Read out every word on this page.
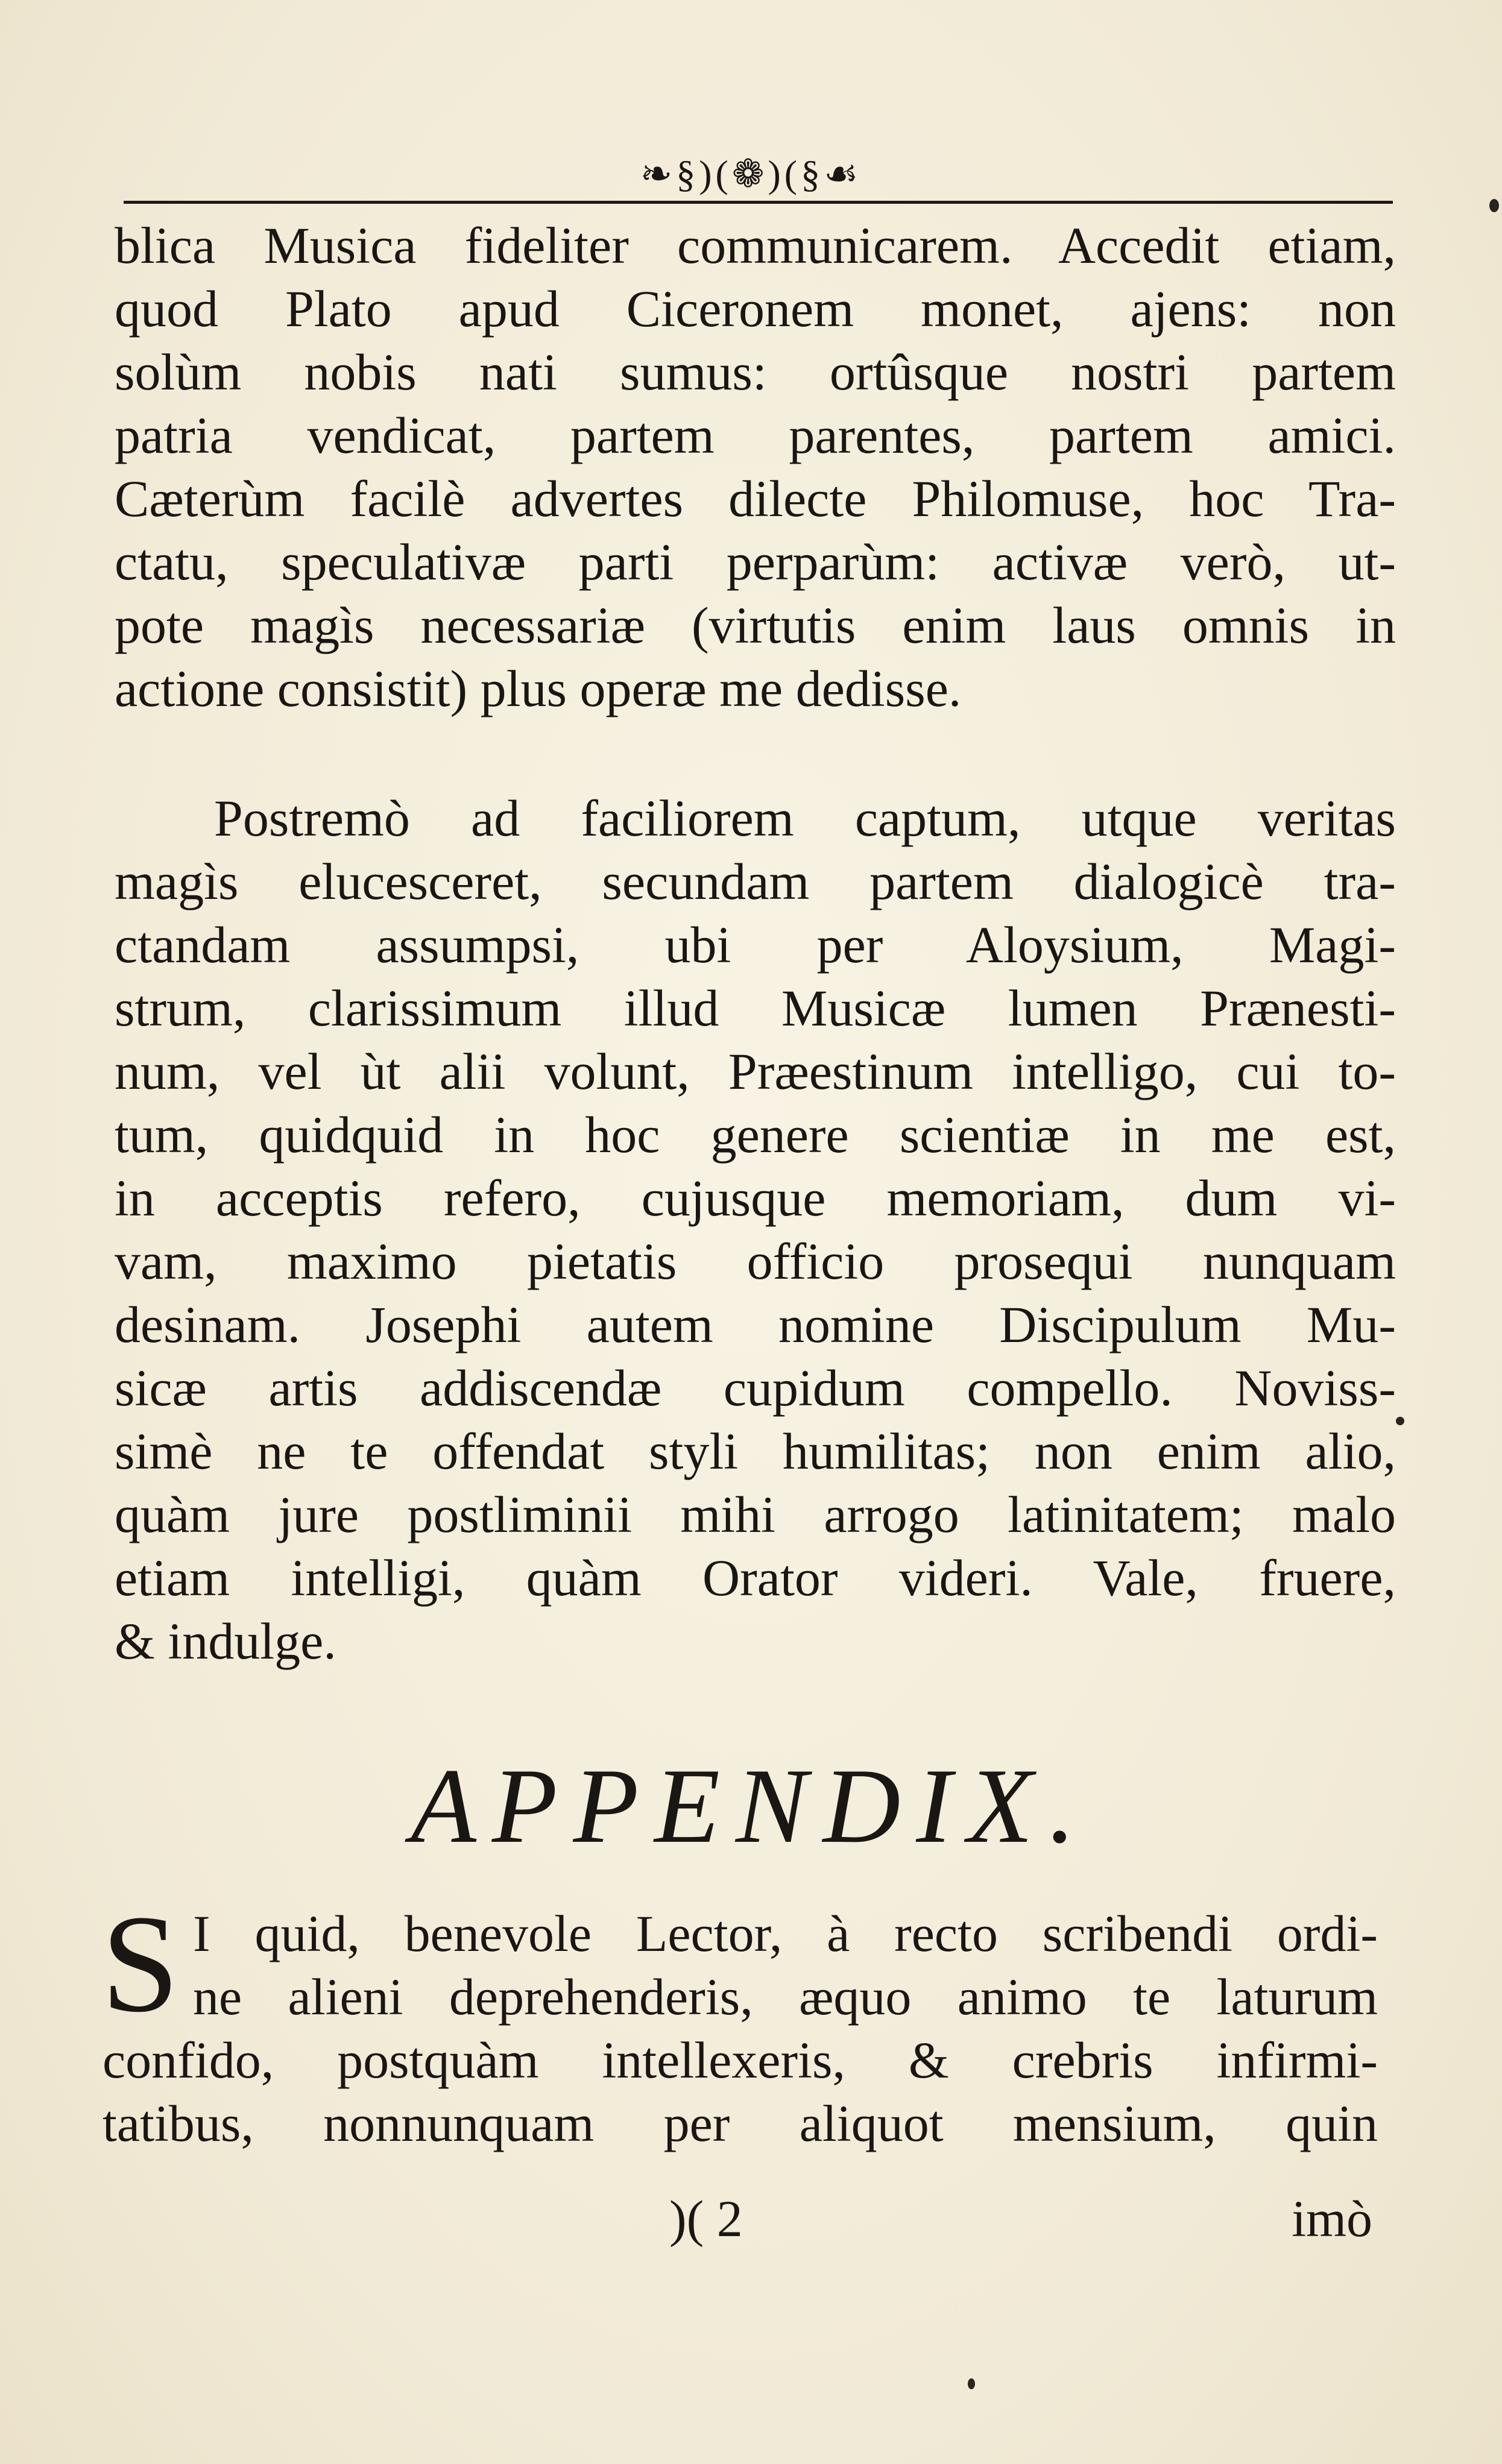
❧§)(❁)(§☙
blica Musica fideliter communicarem. Accedit etiam,
quod Plato apud Ciceronem monet, ajens: non
solùm nobis nati sumus: ortûsque nostri partem
patria vendicat, partem parentes, partem amici.
Cæterùm facilè advertes dilecte Philomuse, hoc Tra-
ctatu, speculativæ parti perparùm: activæ verò, ut-
pote magìs necessariæ (virtutis enim laus omnis in
actione consistit) plus operæ me dedisse.
Postremò ad faciliorem captum, utque veritas
magìs elucesceret, secundam partem dialogicè tra-
ctandam assumpsi, ubi per Aloysium, Magi-
strum, clarissimum illud Musicæ lumen Prænesti-
num, vel ùt alii volunt, Præestinum intelligo, cui to-
tum, quidquid in hoc genere scientiæ in me est,
in acceptis refero, cujusque memoriam, dum vi-
vam, maximo pietatis officio prosequi nunquam
desinam. Josephi autem nomine Discipulum Mu-
sicæ artis addiscendæ cupidum compello. Noviss-
simè ne te offendat styli humilitas; non enim alio,
quàm jure postliminii mihi arrogo latinitatem; malo
etiam intelligi, quàm Orator videri. Vale, fruere,
& indulge.
APPENDIX.
S I quid, benevole Lector, à recto scribendi ordi-
ne alieni deprehenderis, æquo animo te laturum
confido, postquàm intellexeris, & crebris infirmi-
tatibus, nonnunquam per aliquot mensium, quin
)( 2	imò
